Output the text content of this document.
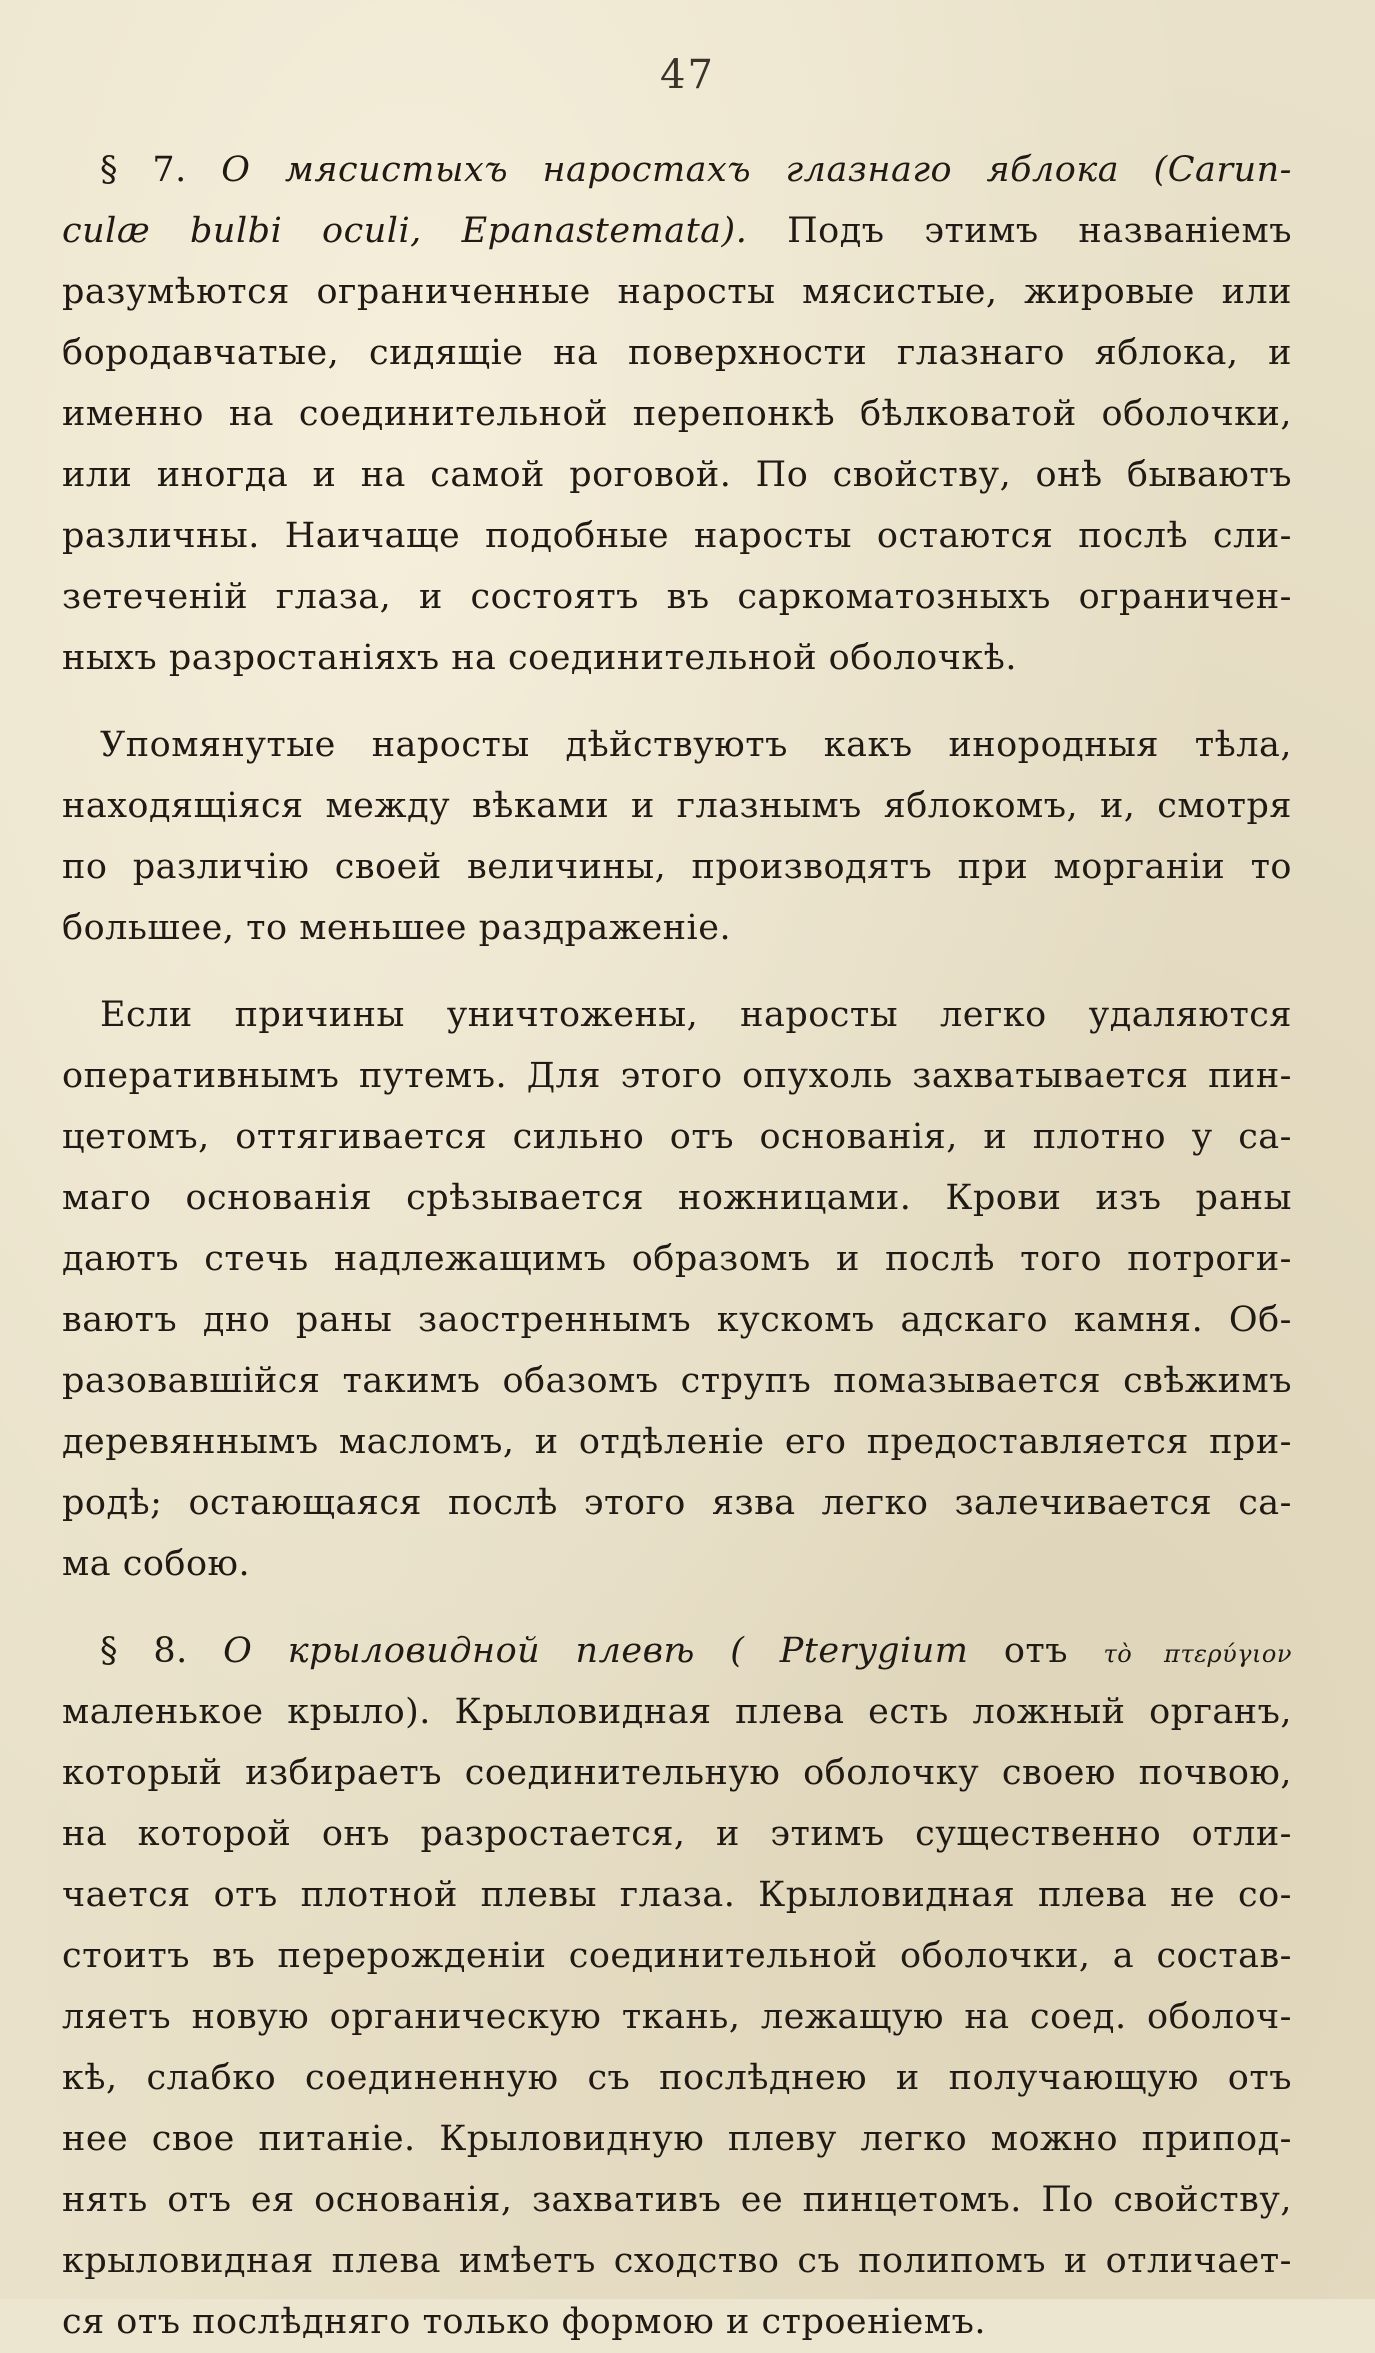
47
§ 7. О мясистыхъ наростахъ глазнаго яблока (Carun-
culæ bulbi oculi, Epanastemata). Подъ этимъ названіемъ
разумѣются ограниченные наросты мясистые, жировые или
бородавчатые, сидящіе на поверхности глазнаго яблока, и
именно на соединительной перепонкѣ бѣлковатой оболочки,
или иногда и на самой роговой. По свойству, онѣ бываютъ
различны. Наичаще подобные наросты остаются послѣ сли-
зетеченій глаза, и состоятъ въ саркоматозныхъ ограничен-
ныхъ разростаніяхъ на соединительной оболочкѣ.
Упомянутые наросты дѣйствуютъ какъ инородныя тѣла,
находящіяся между вѣками и глазнымъ яблокомъ, и, смотря
по различію своей величины, производятъ при морганіи то
большее, то меньшее раздраженіе.
Если причины уничтожены, наросты легко удаляются
оперативнымъ путемъ. Для этого опухоль захватывается пин-
цетомъ, оттягивается сильно отъ основанія, и плотно у са-
маго основанія срѣзывается ножницами. Крови изъ раны
даютъ стечь надлежащимъ образомъ и послѣ того потроги-
ваютъ дно раны заостреннымъ кускомъ адскаго камня. Об-
разовавшійся такимъ обазомъ струпъ помазывается свѣжимъ
деревяннымъ масломъ, и отдѣленіе его предоставляется при-
родѣ; остающаяся послѣ этого язва легко залечивается са-
ма собою.
§ 8. О крыловидной плевѣ ( Pterygium отъ τὸ πτερύγιον
маленькое крыло). Крыловидная плева есть ложный органъ,
который избираетъ соединительную оболочку своею почвою,
на которой онъ разростается, и этимъ существенно отли-
чается отъ плотной плевы глаза. Крыловидная плева не со-
стоитъ въ перерожденіи соединительной оболочки, а состав-
ляетъ новую органическую ткань, лежащую на соед. оболоч-
кѣ, слабко соединенную съ послѣднею и получающую отъ
нее свое питаніе. Крыловидную плеву легко можно припод-
нять отъ ея основанія, захвативъ ее пинцетомъ. По свойству,
крыловидная плева имѣетъ сходство съ полипомъ и отличает-
ся отъ послѣдняго только формою и строеніемъ.
